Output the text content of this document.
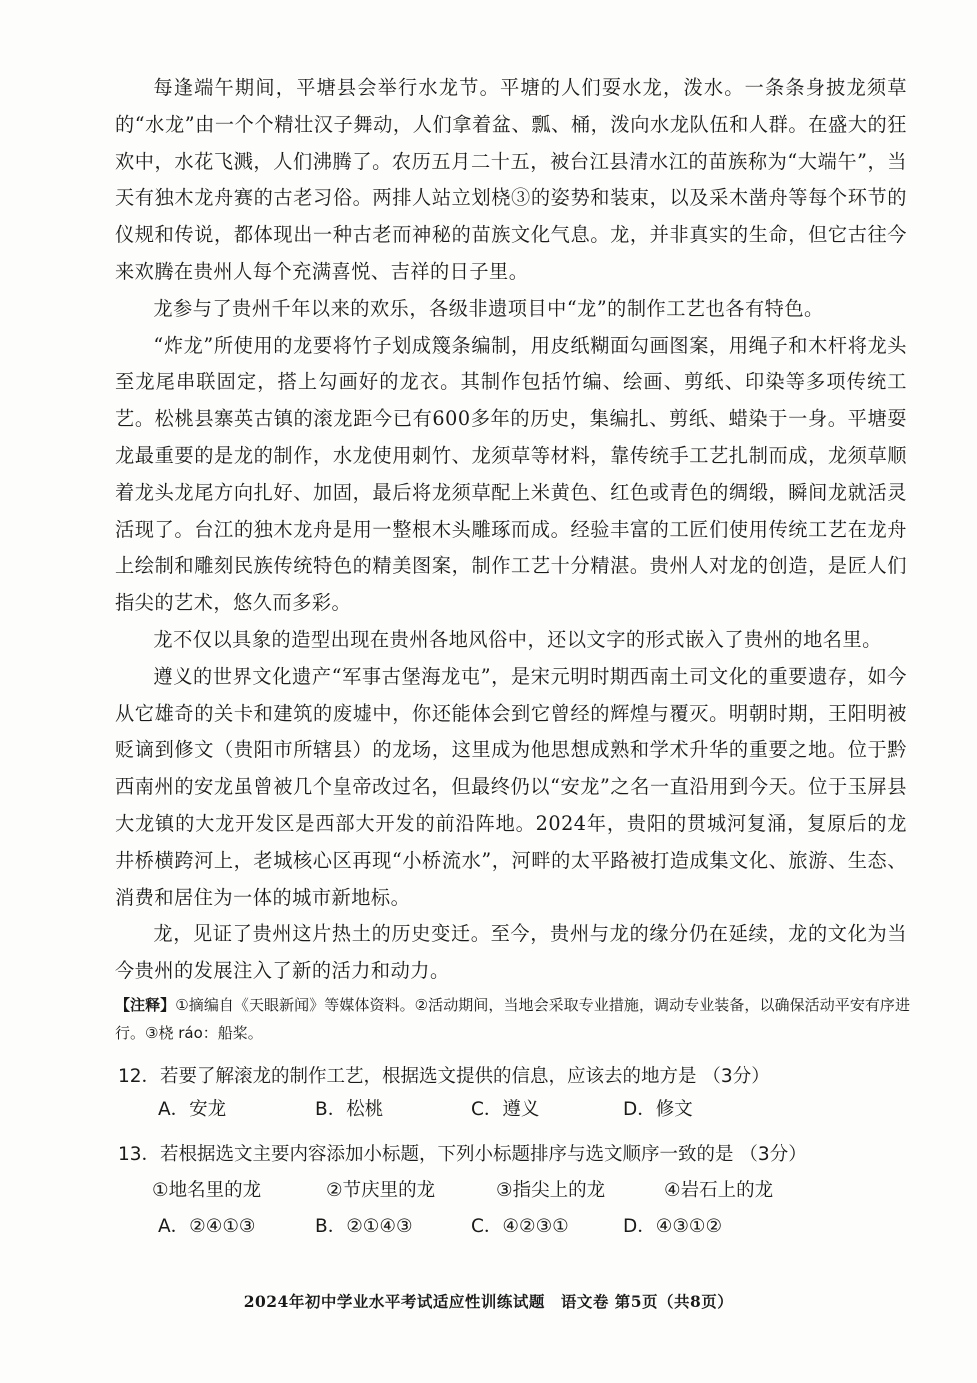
每逢端午期间，平塘县会举行水龙节。平塘的人们耍水龙，泼水。一条条身披龙须草的“水龙”由一个个精壮汉子舞动，人们拿着盆、瓢、桶，泼向水龙队伍和人群。在盛大的狂欢中，水花飞溅，人们沸腾了。农历五月二十五，被台江县清水江的苗族称为“大端午”，当天有独木龙舟赛的古老习俗。两排人站立划桡③的姿势和装束，以及采木凿舟等每个环节的仪规和传说，都体现出一种古老而神秘的苗族文化气息。龙，并非真实的生命，但它古往今来欢腾在贵州人每个充满喜悦、吉祥的日子里。

龙参与了贵州千年以来的欢乐，各级非遗项目中“龙”的制作工艺也各有特色。

“炸龙”所使用的龙要将竹子划成篾条编制，用皮纸糊面勾画图案，用绳子和木杆将龙头至龙尾串联固定，搭上勾画好的龙衣。其制作包括竹编、绘画、剪纸、印染等多项传统工艺。松桃县寨英古镇的滚龙距今已有600多年的历史，集编扎、剪纸、蜡染于一身。平塘耍龙最重要的是龙的制作，水龙使用刺竹、龙须草等材料，靠传统手工艺扎制而成，龙须草顺着龙头龙尾方向扎好、加固，最后将龙须草配上米黄色、红色或青色的绸缎，瞬间龙就活灵活现了。台江的独木龙舟是用一整根木头雕琢而成。经验丰富的工匠们使用传统工艺在龙舟上绘制和雕刻民族传统特色的精美图案，制作工艺十分精湛。贵州人对龙的创造，是匠人们指尖的艺术，悠久而多彩。

龙不仅以具象的造型出现在贵州各地风俗中，还以文字的形式嵌入了贵州的地名里。

遵义的世界文化遗产“军事古堡海龙屯”，是宋元明时期西南土司文化的重要遗存，如今从它雄奇的关卡和建筑的废墟中，你还能体会到它曾经的辉煌与覆灭。明朝时期，王阳明被贬谪到修文（贵阳市所辖县）的龙场，这里成为他思想成熟和学术升华的重要之地。位于黔西南州的安龙虽曾被几个皇帝改过名，但最终仍以“安龙”之名一直沿用到今天。位于玉屏县大龙镇的大龙开发区是西部大开发的前沿阵地。2024年，贵阳的贯城河复涌，复原后的龙井桥横跨河上，老城核心区再现“小桥流水”，河畔的太平路被打造成集文化、旅游、生态、消费和居住为一体的城市新地标。

龙，见证了贵州这片热土的历史变迁。至今，贵州与龙的缘分仍在延续，龙的文化为当今贵州的发展注入了新的活力和动力。

【注释】①摘编自《天眼新闻》等媒体资料。②活动期间，当地会采取专业措施，调动专业装备，以确保活动平安有序进行。③桡 ráo：船桨。
12．若要了解滚龙的制作工艺，根据选文提供的信息，应该去的地方是 （3分）
A．安龙	B．松桃	C．遵义	D．修文
13．若根据选文主要内容添加小标题，下列小标题排序与选文顺序一致的是 （3分）
①地名里的龙	②节庆里的龙	③指尖上的龙	④岩石上的龙
A．②④①③	B．②①④③	C．④②③①	D．④③①②
2024年初中学业水平考试适应性训练试题　语文卷 第5页（共8页）
